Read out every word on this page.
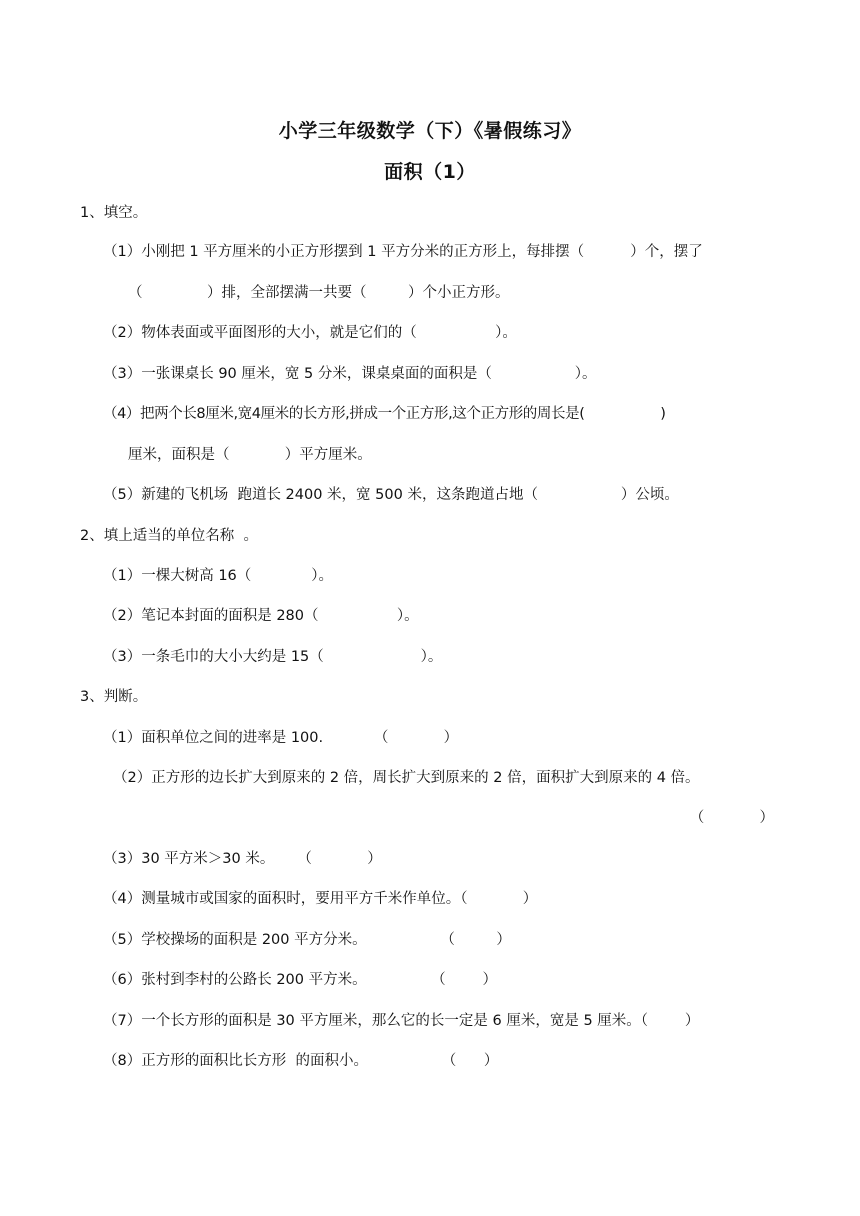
小学三年级数学（下）《暑假练习》
面积（1）
1、填空。
（1）小刚把 1 平方厘米的小正方形摆到 1 平方分米的正方形上，每排摆（          ）个，摆了
（              ）排，全部摆满一共要（         ）个小正方形。
（2）物体表面或平面图形的大小，就是它们的（                 ）。
（3）一张课桌长 90 厘米，宽 5 分米，课桌桌面的面积是（                  ）。
（4）把两个长8厘米,宽4厘米的长方形,拼成一个正方形,这个正方形的周长是(                  )
厘米，面积是（            ）平方厘米。
（5）新建的飞机场  跑道长 2400 米，宽 500 米，这条跑道占地（                  ）公顷。
2、填上适当的单位名称  。
（1）一棵大树高 16（             ）。
（2）笔记本封面的面积是 280（                 ）。
（3）一条毛巾的大小大约是 15（                     ）。
3、判断。
（1）面积单位之间的进率是 100.           （            ）
（2）正方形的边长扩大到原来的 2 倍，周长扩大到原来的 2 倍，面积扩大到原来的 4 倍。
（            ）
（3）30 平方米＞30 米。     （            ）
（4）测量城市或国家的面积时，要用平方千米作单位。（            ）
（5）学校操场的面积是 200 平方分米。                （         ）
（6）张村到李村的公路长 200 平方米。              （        ）
（7）一个长方形的面积是 30 平方厘米，那么它的长一定是 6 厘米，宽是 5 厘米。（        ）
（8）正方形的面积比长方形  的面积小。                （      ）
